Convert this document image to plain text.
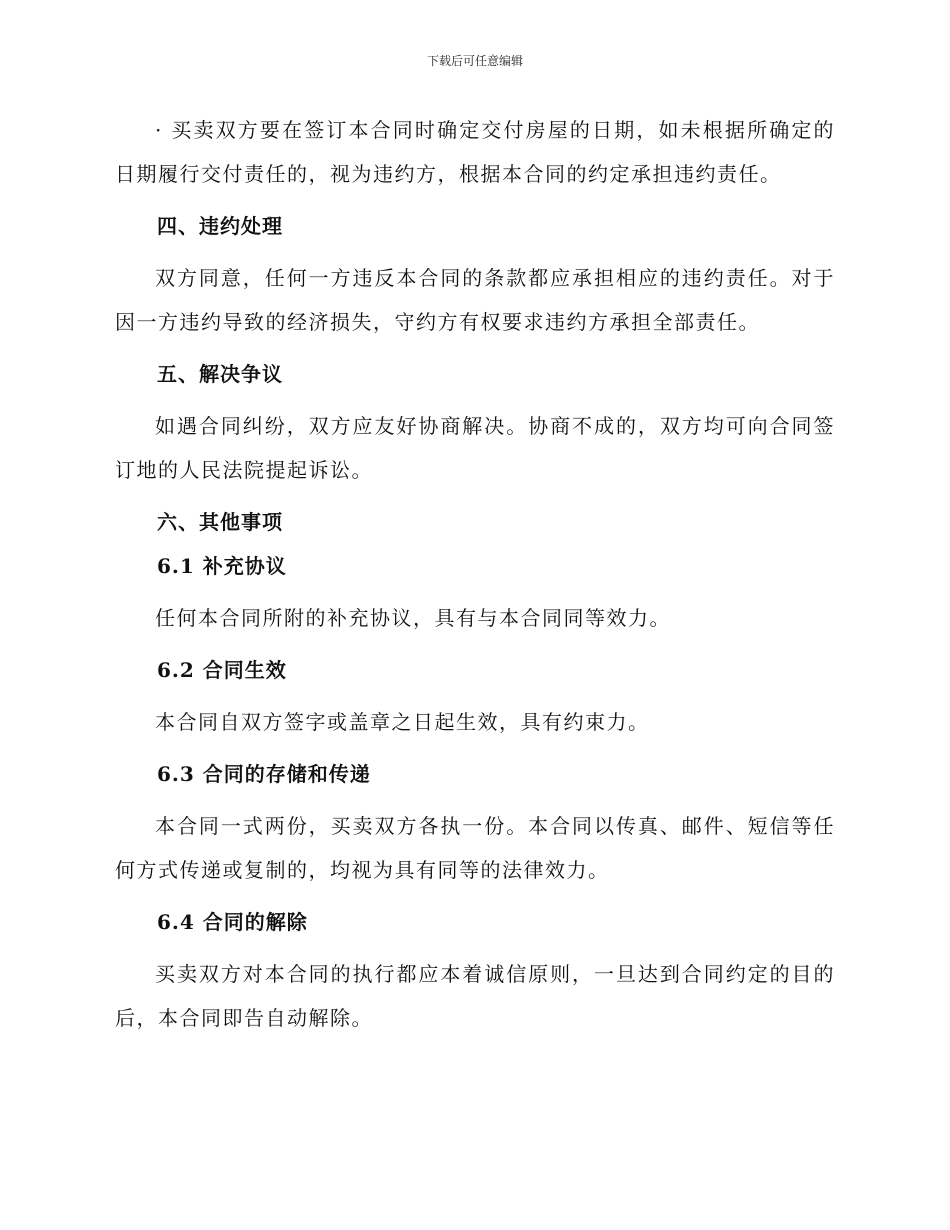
下载后可任意编辑

· 买卖双方要在签订本合同时确定交付房屋的日期，如未根据所确定的日期履行交付责任的，视为违约方，根据本合同的约定承担违约责任。

四、违约处理

双方同意，任何一方违反本合同的条款都应承担相应的违约责任。对于因一方违约导致的经济损失，守约方有权要求违约方承担全部责任。

五、解决争议

如遇合同纠纷，双方应友好协商解决。协商不成的，双方均可向合同签订地的人民法院提起诉讼。

六、其他事项
6.1 补充协议

任何本合同所附的补充协议，具有与本合同同等效力。

6.2 合同生效

本合同自双方签字或盖章之日起生效，具有约束力。

6.3 合同的存储和传递

本合同一式两份，买卖双方各执一份。本合同以传真、邮件、短信等任何方式传递或复制的，均视为具有同等的法律效力。

6.4 合同的解除

买卖双方对本合同的执行都应本着诚信原则，一旦达到合同约定的目的后，本合同即告自动解除。
